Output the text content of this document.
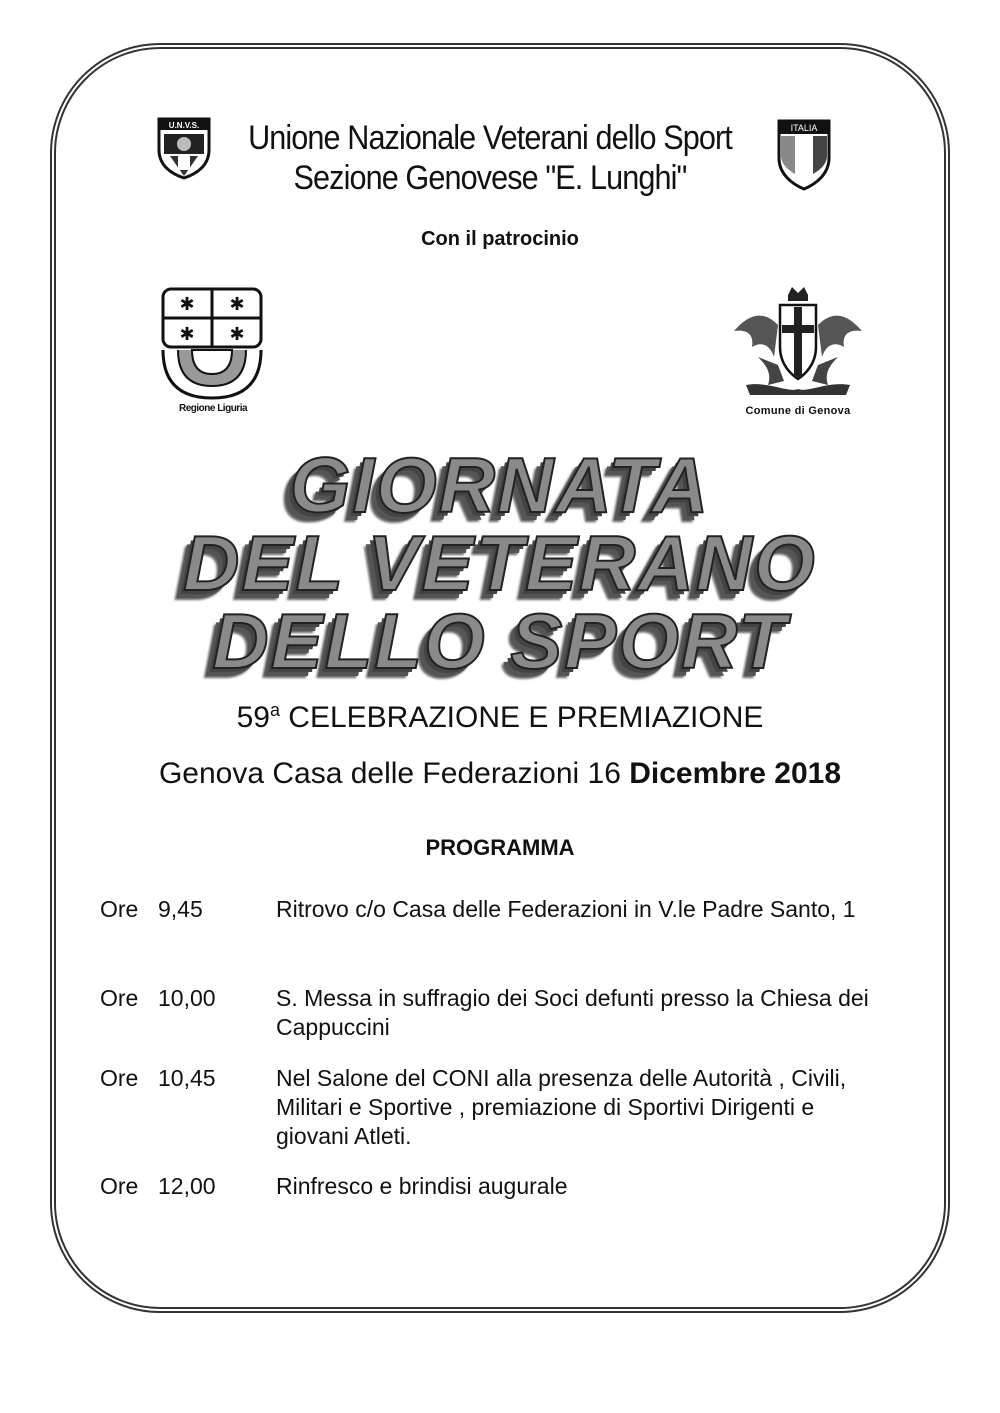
U.N.V.S. Unione Nazionale Veterani dello Sport
Sezione Genovese "E. Lunghi"
ITALIA
Con il patrocinio
✱ ✱
✱ ✱
Regione Liguria	Comune di Genova
GIORNATA
DEL VETERANO
DELLO SPORT
59$^a$ CELEBRAZIONE E PREMIAZIONE
Genova Casa delle Federazioni 16 Dicembre 2018
PROGRAMMA
Ore 9,45	Ritrovo c/o Casa delle Federazioni in V.le Padre Santo, 1
Ore 10,00	S. Messa in suffragio dei Soci defunti presso la Chiesa dei Cappuccini
Ore 10,45	Nel Salone del CONI alla presenza delle Autorità , Civili, Militari e Sportive , premiazione di Sportivi Dirigenti e giovani Atleti.
Ore 12,00	Rinfresco e brindisi augurale
